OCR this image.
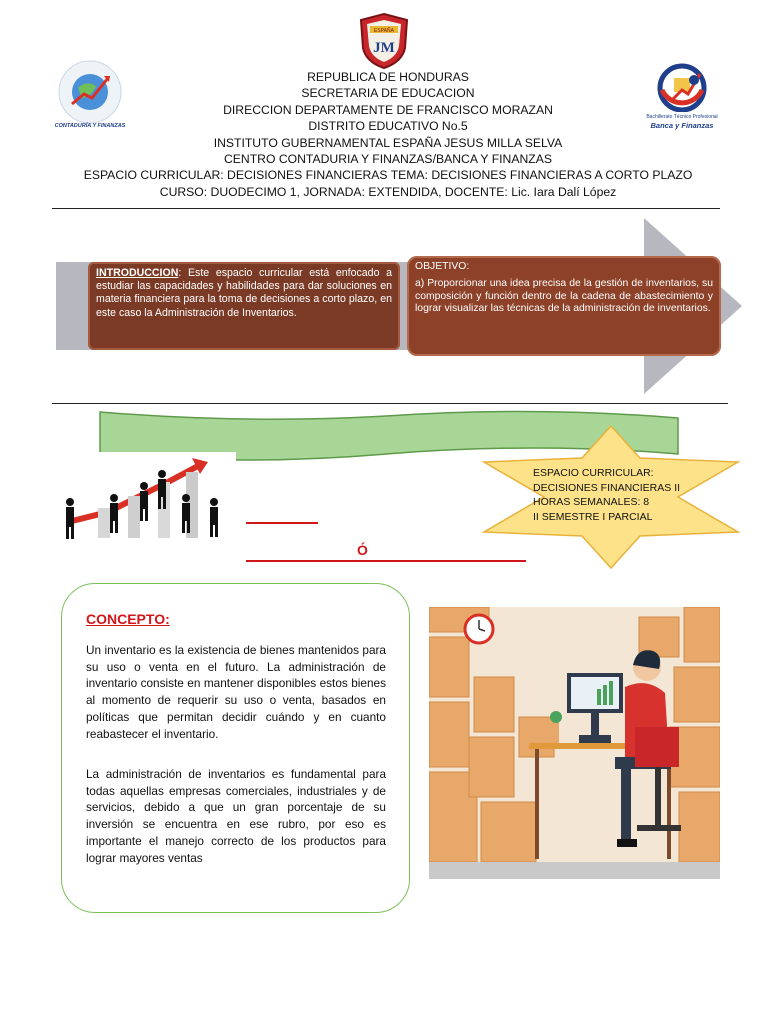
ESPAÑA
JM
CONTADURÍA Y FINANZAS
Bachillerato Técnico Profesional
Banca y Finanzas
REPUBLICA DE HONDURAS
SECRETARIA DE EDUCACION
DIRECCION DEPARTAMENTE DE FRANCISCO MORAZAN
DISTRITO EDUCATIVO No.5
INSTITUTO GUBERNAMENTAL ESPAÑA JESUS MILLA SELVA
CENTRO CONTADURIA Y FINANZAS/BANCA Y FINANZAS
ESPACIO CURRICULAR: DECISIONES FINANCIERAS TEMA: DECISIONES FINANCIERAS A CORTO PLAZO
CURSO: DUODECIMO 1, JORNADA: EXTENDIDA, DOCENTE: Lic. Iara Dalí López
INTRODUCCION: Este espacio curricular está enfocado a estudiar las capacidades y habilidades para dar soluciones en materia financiera para la toma de decisiones a corto plazo, en este caso la Administración de Inventarios.
OBJETIVO:
a) Proporcionar una idea precisa de la gestión de inventarios, su composición y función dentro de la cadena de abastecimiento y lograr visualizar las técnicas de la administración de inventarios.
Ó
ESPACIO CURRICULAR:
DECISIONES FINANCIERAS II
HORAS SEMANALES: 8
II SEMESTRE I PARCIAL
CONCEPTO:
Un inventario es la existencia de bienes mantenidos para su uso o venta en el futuro. La administración de inventario consiste en mantener disponibles estos bienes al momento de requerir su uso o venta, basados en políticas que permitan decidir cuándo y en cuanto reabastecer el inventario.
La administración de inventarios es fundamental para todas aquellas empresas comerciales, industriales y de servicios, debido a que un gran porcentaje de su inversión se encuentra en ese rubro, por eso es importante el manejo correcto de los productos para lograr mayores ventas
